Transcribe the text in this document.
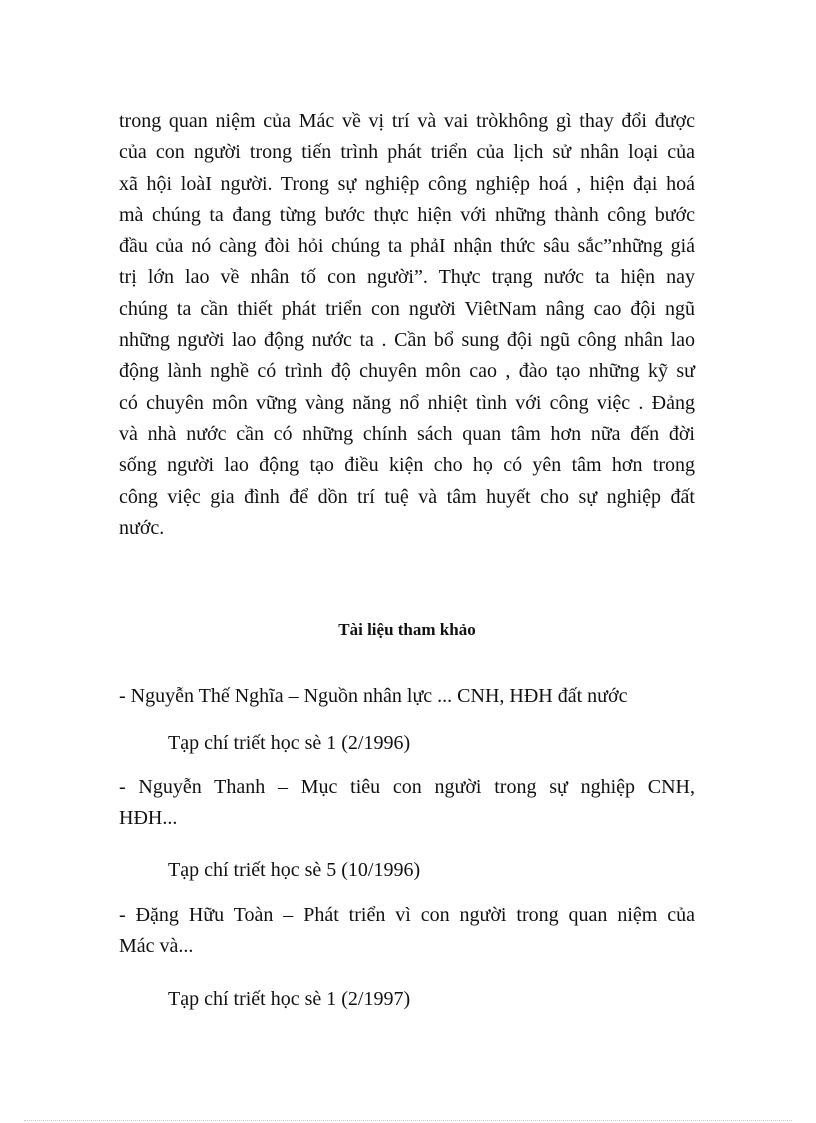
trong quan niệm của Mác về vị trí và vai tròkhông gì thay đổi được
của con người trong tiến trình phát triển của lịch sử nhân loại của
xã hội loàI người. Trong sự nghiệp công nghiệp hoá , hiện đại hoá
mà chúng ta đang từng bước thực hiện với những thành công bước
đầu của nó càng đòi hỏi chúng ta phảI nhận thức sâu sắc”những giá
trị lớn lao về nhân tố con người”. Thực trạng nước ta hiện nay
chúng ta cần thiết phát triển con người ViêtNam nâng cao đội ngũ
những người lao động nước ta . Cần bổ sung đội ngũ công nhân lao
động lành nghề có trình độ chuyên môn cao , đào tạo những kỹ sư
có chuyên môn vững vàng năng nổ nhiệt tình với công việc . Đảng
và nhà nước cần có những chính sách quan tâm hơn nữa đến đời
sống người lao động tạo điều kiện cho họ có yên tâm hơn trong
công việc gia đình để dồn trí tuệ và tâm huyết cho sự nghiệp đất
nước.
Tài liệu tham khảo
- Nguyễn Thế Nghĩa – Nguồn nhân lực ... CNH, HĐH đất nước
Tạp chí triết học sè 1 (2/1996)
- Nguyễn Thanh – Mục tiêu con người trong sự nghiệp CNH,
HĐH...
Tạp chí triết học sè 5 (10/1996)
- Đặng Hữu Toàn – Phát triển vì con người trong quan niệm của
Mác và...
Tạp chí triết học sè 1 (2/1997)
